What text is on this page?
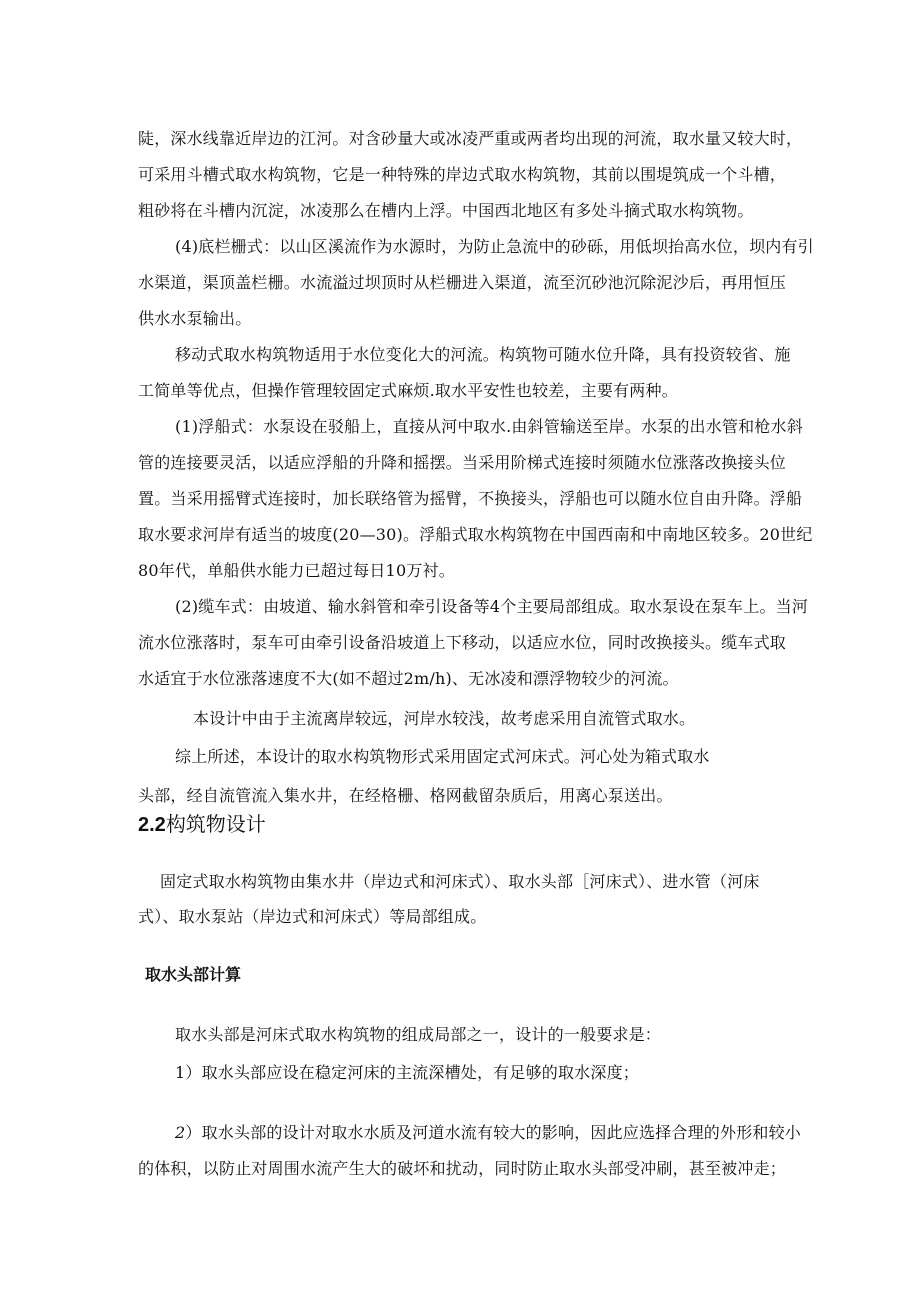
陡，深水线靠近岸边的江河。对含砂量大或冰凌严重或两者均出现的河流，取水量又较大时，
可采用斗槽式取水构筑物，它是一种特殊的岸边式取水构筑物，其前以围堤筑成一个斗槽，
粗砂将在斗槽内沉淀，冰凌那么在槽内上浮。中国西北地区有多处斗摘式取水构筑物。
(4)底栏栅式：以山区溪流作为水源时，为防止急流中的砂砾，用低坝抬高水位，坝内有引
水渠道，渠顶盖栏栅。水流溢过坝顶时从栏栅进入渠道，流至沉砂池沉除泥沙后，再用恒压
供水水泵输出。
移动式取水构筑物适用于水位变化大的河流。构筑物可随水位升降，具有投资较省、施
工简单等优点，但操作管理较固定式麻烦.取水平安性也较差，主要有两种。
(1)浮船式：水泵设在驳船上，直接从河中取水.由斜管输送至岸。水泵的出水管和枪水斜
管的连接要灵活，以适应浮船的升降和摇摆。当采用阶梯式连接时须随水位涨落改换接头位
置。当采用摇臂式连接时，加长联络管为摇臂，不换接头，浮船也可以随水位自由升降。浮船
取水要求河岸有适当的坡度(20—30)。浮船式取水构筑物在中国西南和中南地区较多。20世纪
80年代，单船供水能力已超过每日10万衬。
(2)缆车式：由坡道、输水斜管和牵引设备等4个主要局部组成。取水泵设在泵车上。当河
流水位涨落时，泵车可由牵引设备沿坡道上下移动，以适应水位，同时改换接头。缆车式取
水适宜于水位涨落速度不大(如不超过2m/h)、无冰凌和漂浮物较少的河流。
本设计中由于主流离岸较远，河岸水较浅，故考虑采用自流管式取水。
综上所述，本设计的取水构筑物形式采用固定式河床式。河心处为箱式取水
头部，经自流管流入集水井，在经格栅、格网截留杂质后，用离心泵送出。
2.2构筑物设计
固定式取水构筑物由集水井（岸边式和河床式）、取水头部［河床式）、进水管（河床
式）、取水泵站（岸边式和河床式）等局部组成。
取水头部计算
取水头部是河床式取水构筑物的组成局部之一，设计的一般要求是：
1）取水头部应设在稳定河床的主流深槽处，有足够的取水深度；
2）取水头部的设计对取水水质及河道水流有较大的影响，因此应选择合理的外形和较小
的体积，以防止对周围水流产生大的破坏和扰动，同时防止取水头部受冲刷，甚至被冲走；
